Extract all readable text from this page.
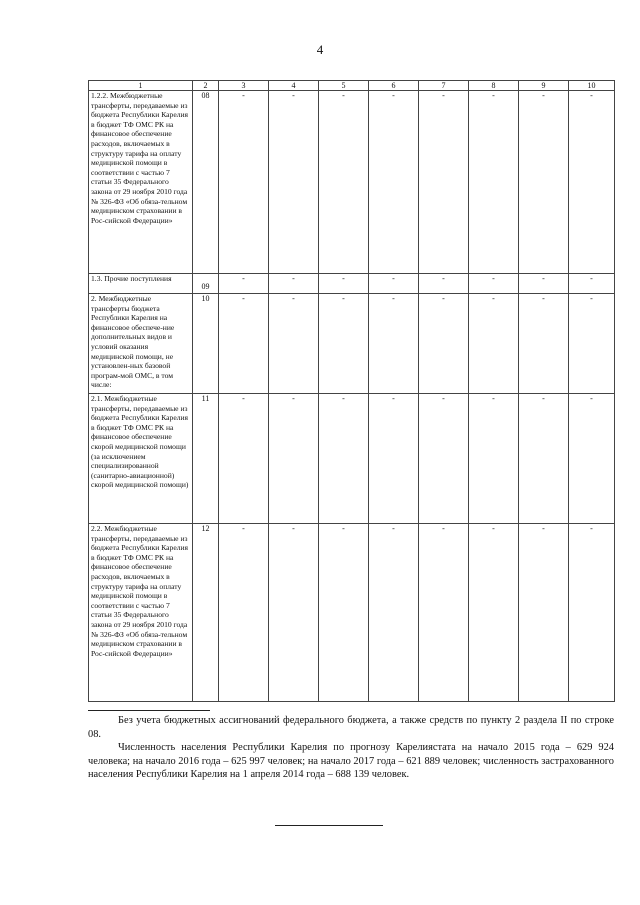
4
1	2	3	4	5	6	7	8	9	10
1.2.2. Межбюджетные трансферты, передаваемые из бюджета Республики Карелия в бюджет ТФ ОМС РК на финансовое обеспечение расходов, включаемых в структуру тарифа на оплату медицинской помощи в соответствии с частью 7 статьи 35 Федерального закона от 29 ноября 2010 года № 326-ФЗ «Об обяза-тельном медицинском страховании в Рос-сийской Федерации»	08	-	-	-	-	-	-	-	-
1.3. Прочие поступления	09	-	-	-	-	-	-	-	-
2. Межбюджетные трансферты бюджета Республики Карелия на финансовое обеспече-ние дополнительных видов и условий оказания медицинской помощи, не установлен-ных базовой програм-мой ОМС, в том числе:	10	-	-	-	-	-	-	-	-
2.1. Межбюджетные трансферты, передаваемые из бюджета Республики Карелия в бюджет ТФ ОМС РК на финансовое обеспечение скорой медицинской помощи (за исключением специализированной (санитарно-авиационной) скорой медицинской помощи)	11	-	-	-	-	-	-	-	-
2.2. Межбюджетные трансферты, передаваемые из бюджета Республики Карелия в бюджет ТФ ОМС РК на финансовое обеспечение расходов, включаемых в структуру тарифа на оплату медицинской помощи в соответствии с частью 7 статьи 35 Федерального закона от 29 ноября 2010 года № 326-ФЗ «Об обяза-тельном медицинском страховании в Рос-сийской Федерации»	12	-	-	-	-	-	-	-	-
Без учета бюджетных ассигнований федерального бюджета, а также средств по пункту 2 раздела II по строке 08.
Численность населения Республики Карелия по прогнозу Карелиястата на начало 2015 года – 629 924 человека; на начало 2016 года – 625 997 человек; на начало 2017 года – 621 889 человек; численность застрахованного населения Республики Карелия на 1 апреля 2014 года – 688 139 человек.
